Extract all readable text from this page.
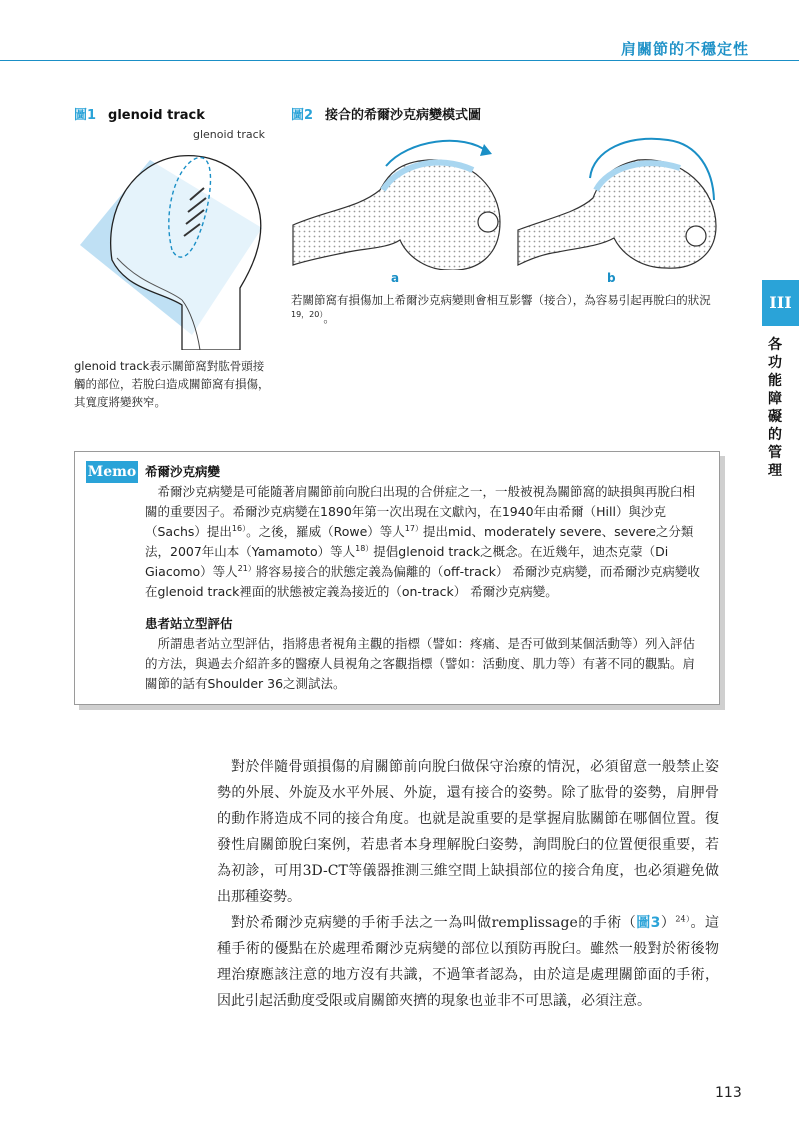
肩關節的不穩定性
圖1 glenoid track
glenoid track
glenoid track表示關節窩對肱骨頭接觸的部位，若脫臼造成關節窩有損傷，其寬度將變狹窄。
圖2 接合的希爾沙克病變模式圖
a	b
若關節窩有損傷加上希爾沙克病變則會相互影響（接合），為容易引起再脫臼的狀況$^{19,20)}$。
III
各功能障礙的管理
Memo 希爾沙克病變

希爾沙克病變是可能隨著肩關節前向脫臼出現的合併症之一，一般被視為關節窩的缺損與再脫臼相關的重要因子。希爾沙克病變在1890年第一次出現在文獻內，在1940年由希爾（Hill）與沙克（Sachs）提出$^{16)}$。之後，羅威（Rowe）等人$^{17)}$提出mid、moderately severe、severe之分類法，2007年山本（Yamamoto）等人$^{18)}$提倡glenoid track之概念。在近幾年，迪杰克蒙（Di Giacomo）等人$^{21)}$將容易接合的狀態定義為偏離的（off-track） 希爾沙克病變，而希爾沙克病變收在glenoid track裡面的狀態被定義為接近的（on-track） 希爾沙克病變。

患者站立型評估

所謂患者站立型評估，指將患者視角主觀的指標（譬如：疼痛、是否可做到某個活動等）列入評估的方法，與過去介紹許多的醫療人員視角之客觀指標（譬如：活動度、肌力等）有著不同的觀點。肩關節的話有Shoulder 36之測試法。

對於伴隨骨頭損傷的肩關節前向脫臼做保守治療的情況，必須留意一般禁止姿勢的外展、外旋及水平外展、外旋，還有接合的姿勢。除了肱骨的姿勢，肩胛骨的動作將造成不同的接合角度。也就是說重要的是掌握肩肱關節在哪個位置。復發性肩關節脫臼案例，若患者本身理解脫臼姿勢，詢問脫臼的位置便很重要，若為初診，可用3D-CT等儀器推測三維空間上缺損部位的接合角度，也必須避免做出那種姿勢。

對於希爾沙克病變的手術手法之一為叫做remplissage的手術（圖3）$^{24)}$。這種手術的優點在於處理希爾沙克病變的部位以預防再脫臼。雖然一般對於術後物理治療應該注意的地方沒有共識，不過筆者認為，由於這是處理關節面的手術，因此引起活動度受限或肩關節夾擠的現象也並非不可思議，必須注意。

113
